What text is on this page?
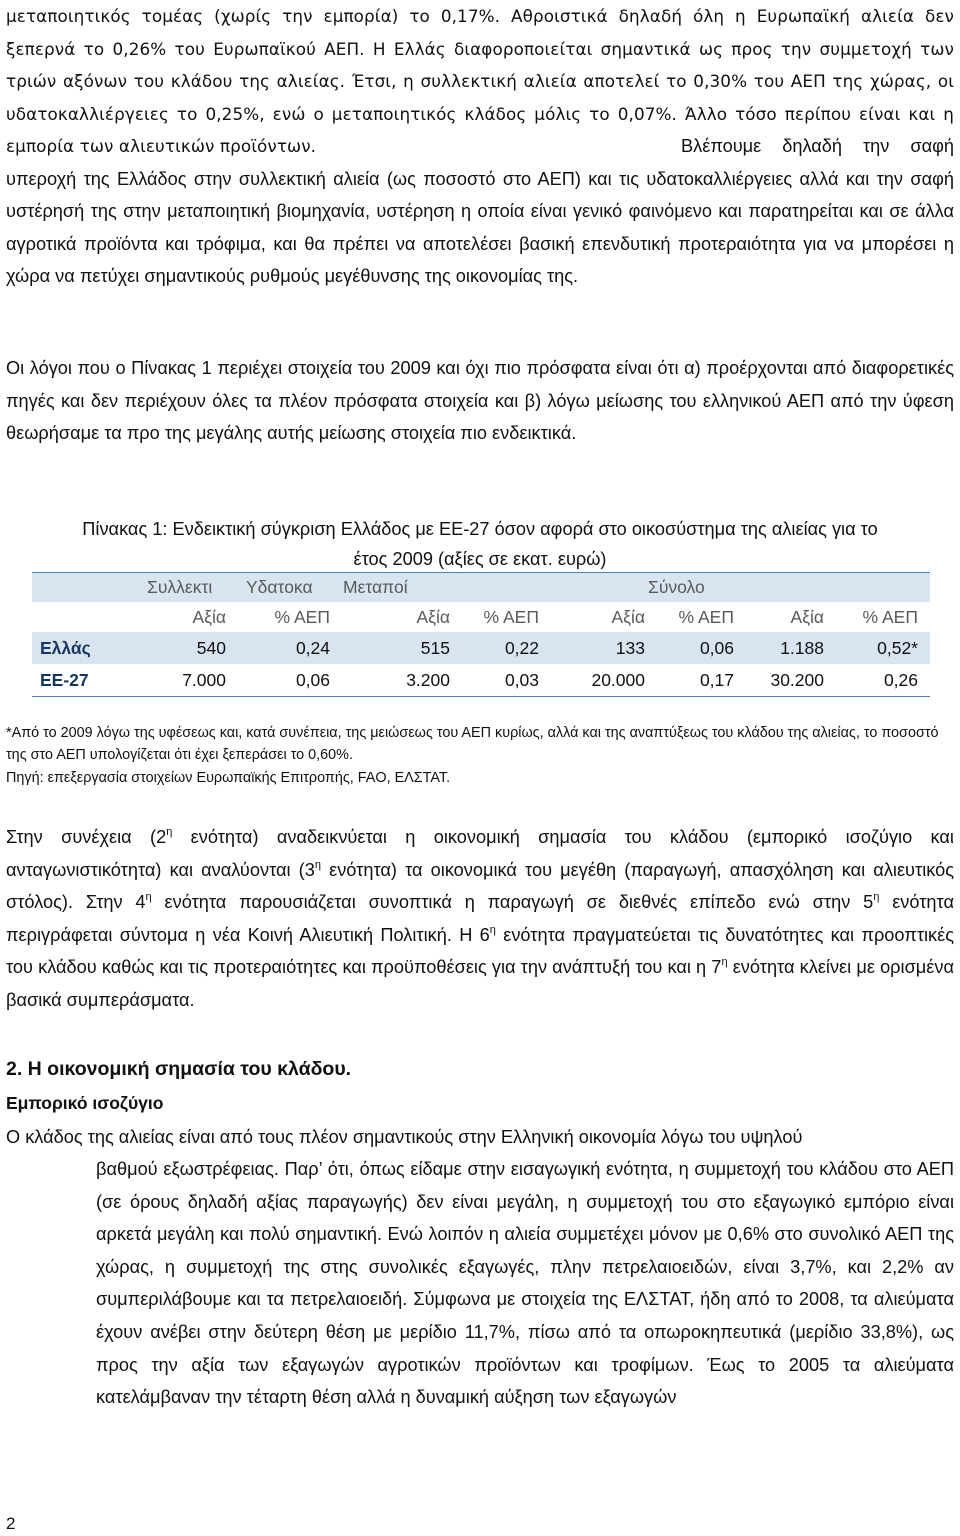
μεταποιητικός τομέας (χωρίς την εμπορία) το 0,17%. Αθροιστικά δηλαδή όλη η Ευρωπαϊκή αλιεία δεν ξεπερνά το 0,26% του Ευρωπαϊκού ΑΕΠ. Η Ελλάς διαφοροποιείται σημαντικά ως προς την συμμετοχή των τριών αξόνων του κλάδου της αλιείας. Έτσι, η συλλεκτική αλιεία αποτελεί το 0,30% του ΑΕΠ της χώρας, οι υδατοκαλλιέργειες το 0,25%, ενώ ο μεταποιητικός κλάδος μόλις το 0,07%. Άλλο τόσο περίπου είναι και η εμπορία των αλιευτικών προϊόντων.	Βλέπουμε δηλαδή την σαφή υπεροχή της Ελλάδος στην συλλεκτική αλιεία (ως ποσοστό στο ΑΕΠ) και τις υδατοκαλλιέργειες αλλά και την σαφή υστέρησή της στην μεταποιητική βιομηχανία, υστέρηση η οποία είναι γενικό φαινόμενο και παρατηρείται και σε άλλα αγροτικά προϊόντα και τρόφιμα, και θα πρέπει να αποτελέσει βασική επενδυτική προτεραιότητα για να μπορέσει η χώρα να πετύχει σημαντικούς ρυθμούς μεγέθυνσης της οικονομίας της.

Οι λόγοι που ο Πίνακας 1 περιέχει στοιχεία του 2009 και όχι πιο πρόσφατα είναι ότι α) προέρχονται από διαφορετικές πηγές και δεν περιέχουν όλες τα πλέον πρόσφατα στοιχεία και β) λόγω μείωσης του ελληνικού ΑΕΠ από την ύφεση θεωρήσαμε τα προ της μεγάλης αυτής μείωσης στοιχεία πιο ενδεικτικά.

Πίνακας 1: Ενδεικτική σύγκριση Ελλάδος με ΕΕ-27 όσον αφορά στο οικοσύστημα της αλιείας για το
έτος 2009 (αξίες σε εκατ. ευρώ)

Συλλεκτι Υδατοκα Μεταποί	Σύνολο
Αξία	% ΑΕΠ	Αξία	% ΑΕΠ	Αξία	% ΑΕΠ	Αξία	% ΑΕΠ
Ελλάς	540	0,24	515	0,22	133	0,06	1.188	0,52*
ΕΕ-27	7.000	0,06	3.200	0,03	20.000	0,17	30.200	0,26

*Από το 2009 λόγω της υφέσεως και, κατά συνέπεια, της μειώσεως του ΑΕΠ κυρίως, αλλά και της αναπτύξεως του κλάδου της αλιείας, το ποσοστό της στο ΑΕΠ υπολογίζεται ότι έχει ξεπεράσει το 0,60%.

Πηγή: επεξεργασία στοιχείων Ευρωπαϊκής Επιτροπής, FAO, ΕΛΣΤΑΤ.

Στην συνέχεια ($2^\eta$ ενότητα) αναδεικνύεται η οικονομική σημασία του κλάδου (εμπορικό ισοζύγιο και ανταγωνιστικότητα) και αναλύονται ($3^\eta$ ενότητα) τα οικονομικά του μεγέθη (παραγωγή, απασχόληση και αλιευτικός στόλος). Στην $4^\eta$ ενότητα παρουσιάζεται συνοπτικά η παραγωγή σε διεθνές επίπεδο ενώ στην $5^\eta$ ενότητα περιγράφεται σύντομα η νέα Κοινή Αλιευτική Πολιτική. Η $6^\eta$ ενότητα πραγματεύεται τις δυνατότητες και προοπτικές του κλάδου καθώς και τις προτεραιότητες και προϋποθέσεις για την ανάπτυξή του και η $7^\eta$ ενότητα κλείνει με ορισμένα βασικά συμπεράσματα.

2. Η οικονομική σημασία του κλάδου.
Εμπορικό ισοζύγιο

Ο κλάδος της αλιείας είναι από τους πλέον σημαντικούς στην Ελληνική οικονομία λόγω του υψηλού

βαθμού εξωστρέφειας. Παρ’ ότι, όπως είδαμε στην εισαγωγική ενότητα, η συμμετοχή του κλάδου στο ΑΕΠ (σε όρους δηλαδή αξίας παραγωγής) δεν είναι μεγάλη, η συμμετοχή του στο εξαγωγικό εμπόριο είναι αρκετά μεγάλη και πολύ σημαντική. Ενώ λοιπόν η αλιεία συμμετέχει μόνον με 0,6% στο συνολικό ΑΕΠ της χώρας, η συμμετοχή της στης συνολικές εξαγωγές, πλην πετρελαιοειδών, είναι 3,7%, και 2,2% αν συμπεριλάβουμε και τα πετρελαιοειδή. Σύμφωνα με στοιχεία της ΕΛΣΤΑΤ, ήδη από το 2008, τα αλιεύματα έχουν ανέβει στην δεύτερη θέση με μερίδιο 11,7%, πίσω από τα οπωροκηπευτικά (μερίδιο 33,8%), ως προς την αξία των εξαγωγών αγροτικών προϊόντων και τροφίμων. Έως το 2005 τα αλιεύματα κατελάμβαναν την τέταρτη θέση αλλά η δυναμική αύξηση των εξαγωγών

2
